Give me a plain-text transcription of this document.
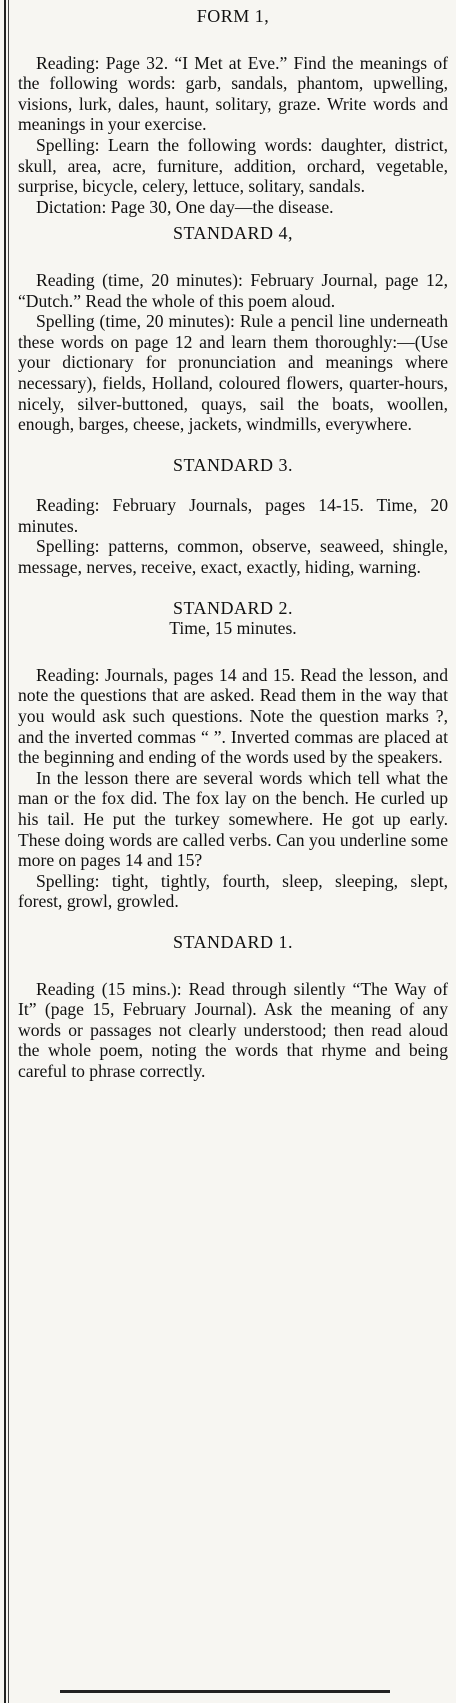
FORM 1,

Reading: Page 32. “I Met at Eve.” Find the meanings of the following words: garb, sandals, phantom, upwelling, visions, lurk, dales, haunt, solitary, graze. Write words and meanings in your exercise.

Spelling: Learn the following words: daughter, district, skull, area, acre, furniture, addition, orchard, vegetable, surprise, bicycle, celery, lettuce, solitary, sandals.

Dictation: Page 30, One day—the disease.

STANDARD 4,

Reading (time, 20 minutes): February Journal, page 12, “Dutch.” Read the whole of this poem aloud.

Spelling (time, 20 minutes): Rule a pencil line underneath these words on page 12 and learn them thoroughly:—(Use your dictionary for pronunciation and meanings where necessary), fields, Holland, coloured flowers, quarter-hours, nicely, silver-buttoned, quays, sail the boats, woollen, enough, barges, cheese, jackets, windmills, everywhere.

STANDARD 3.

Reading: February Journals, pages 14-15. Time, 20 minutes.

Spelling: patterns, common, observe, seaweed, shingle, message, nerves, receive, exact, exactly, hiding, warning.

STANDARD 2.
Time, 15 minutes.

Reading: Journals, pages 14 and 15. Read the lesson, and note the questions that are asked. Read them in the way that you would ask such questions. Note the question marks ?, and the inverted commas “ ”. Inverted commas are placed at the beginning and ending of the words used by the speakers.

In the lesson there are several words which tell what the man or the fox did. The fox lay on the bench. He curled up his tail. He put the turkey somewhere. He got up early. These doing words are called verbs. Can you underline some more on pages 14 and 15?

Spelling: tight, tightly, fourth, sleep, sleeping, slept, forest, growl, growled.

STANDARD 1.

Reading (15 mins.): Read through silently “The Way of It” (page 15, February Journal). Ask the meaning of any words or passages not clearly understood; then read aloud the whole poem, noting the words that rhyme and being careful to phrase correctly.
